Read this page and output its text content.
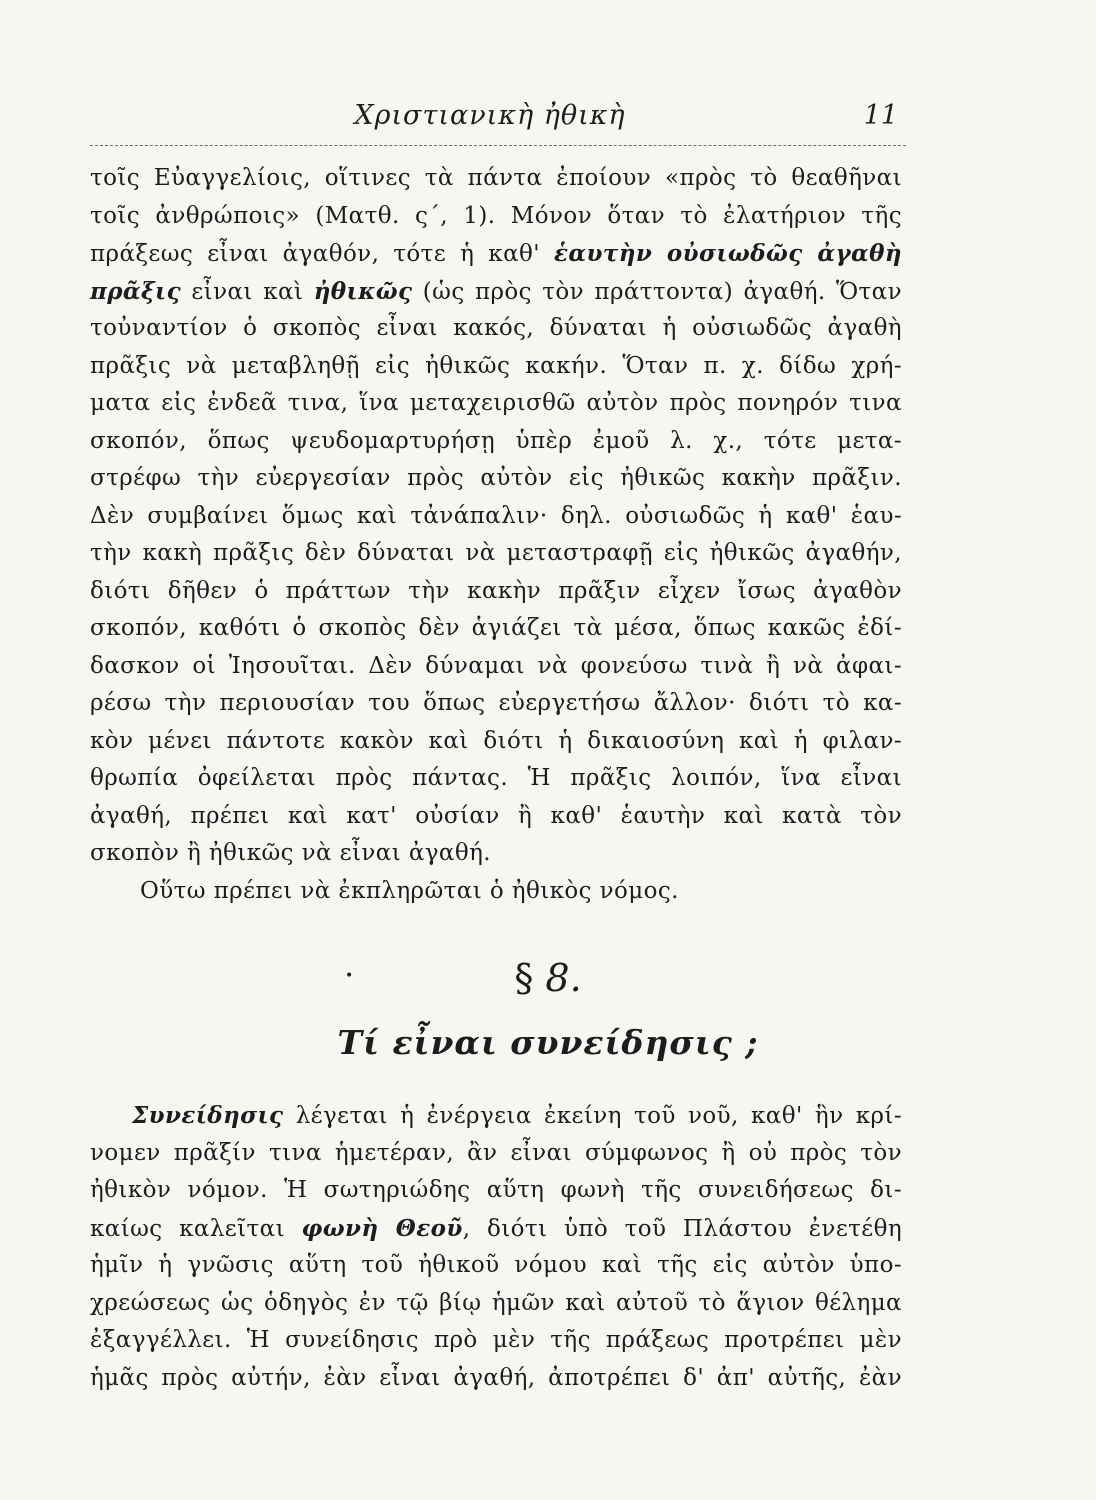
Χριστιανικὴ ἠθικὴ	11
τοῖς Εὐαγγελίοις, οἵτινες τὰ πάντα ἐποίουν «πρὸς τὸ θεαθῆναι
τοῖς ἀνθρώποις» (Ματθ. ς΄, 1). Μόνον ὅταν τὸ ἐλατήριον τῆς
πράξεως εἶναι ἀγαθόν, τότε ἡ καθ' ἑαυτὴν οὐσιωδῶς ἀγαθὴ
πρᾶξις εἶναι καὶ ἠθικῶς (ὡς πρὸς τὸν πράττοντα) ἀγαθή. Ὅταν
τοὐναντίον ὁ σκοπὸς εἶναι κακός, δύναται ἡ οὐσιωδῶς ἀγαθὴ
πρᾶξις νὰ μεταβληθῇ εἰς ἠθικῶς κακήν. Ὅταν π. χ. δίδω χρή-
ματα εἰς ἐνδεᾶ τινα, ἵνα μεταχειρισθῶ αὐτὸν πρὸς πονηρόν τινα
σκοπόν, ὅπως ψευδομαρτυρήσῃ ὑπὲρ ἐμοῦ λ. χ., τότε μετα-
στρέφω τὴν εὐεργεσίαν πρὸς αὐτὸν εἰς ἠθικῶς κακὴν πρᾶξιν.
Δὲν συμβαίνει ὅμως καὶ τἀνάπαλιν· δηλ. οὐσιωδῶς ἡ καθ' ἑαυ-
τὴν κακὴ πρᾶξις δὲν δύναται νὰ μεταστραφῇ εἰς ἠθικῶς ἀγαθήν,
διότι δῆθεν ὁ πράττων τὴν κακὴν πρᾶξιν εἶχεν ἴσως ἀγαθὸν
σκοπόν, καθότι ὁ σκοπὸς δὲν ἁγιάζει τὰ μέσα, ὅπως κακῶς ἐδί-
δασκον οἱ Ἰησουῖται. Δὲν δύναμαι νὰ φονεύσω τινὰ ἢ νὰ ἀφαι-
ρέσω τὴν περιουσίαν του ὅπως εὐεργετήσω ἄλλον· διότι τὸ κα-
κὸν μένει πάντοτε κακὸν καὶ διότι ἡ δικαιοσύνη καὶ ἡ φιλαν-
θρωπία ὀφείλεται πρὸς πάντας. Ἡ πρᾶξις λοιπόν, ἵνα εἶναι
ἀγαθή, πρέπει καὶ κατ' οὐσίαν ἢ καθ' ἑαυτὴν καὶ κατὰ τὸν
σκοπὸν ἢ ἠθικῶς νὰ εἶναι ἀγαθή.
Οὕτω πρέπει νὰ ἐκπληρῶται ὁ ἠθικὸς νόμος.
•	§ 8.
Τί εἶναι συνείδησις ;
Συνείδησις λέγεται ἡ ἐνέργεια ἐκείνη τοῦ νοῦ, καθ' ἣν κρί-
νομεν πρᾶξίν τινα ἡμετέραν, ἂν εἶναι σύμφωνος ἢ οὐ πρὸς τὸν
ἠθικὸν νόμον. Ἡ σωτηριώδης αὕτη φωνὴ τῆς συνειδήσεως δι-
καίως καλεῖται φωνὴ Θεοῦ, διότι ὑπὸ τοῦ Πλάστου ἐνετέθη
ἡμῖν ἡ γνῶσις αὕτη τοῦ ἠθικοῦ νόμου καὶ τῆς εἰς αὐτὸν ὑπο-
χρεώσεως ὡς ὁδηγὸς ἐν τῷ βίῳ ἡμῶν καὶ αὐτοῦ τὸ ἅγιον θέλημα
ἐξαγγέλλει. Ἡ συνείδησις πρὸ μὲν τῆς πράξεως προτρέπει μὲν
ἡμᾶς πρὸς αὐτήν, ἐὰν εἶναι ἀγαθή, ἀποτρέπει δ' ἀπ' αὐτῆς, ἐὰν
